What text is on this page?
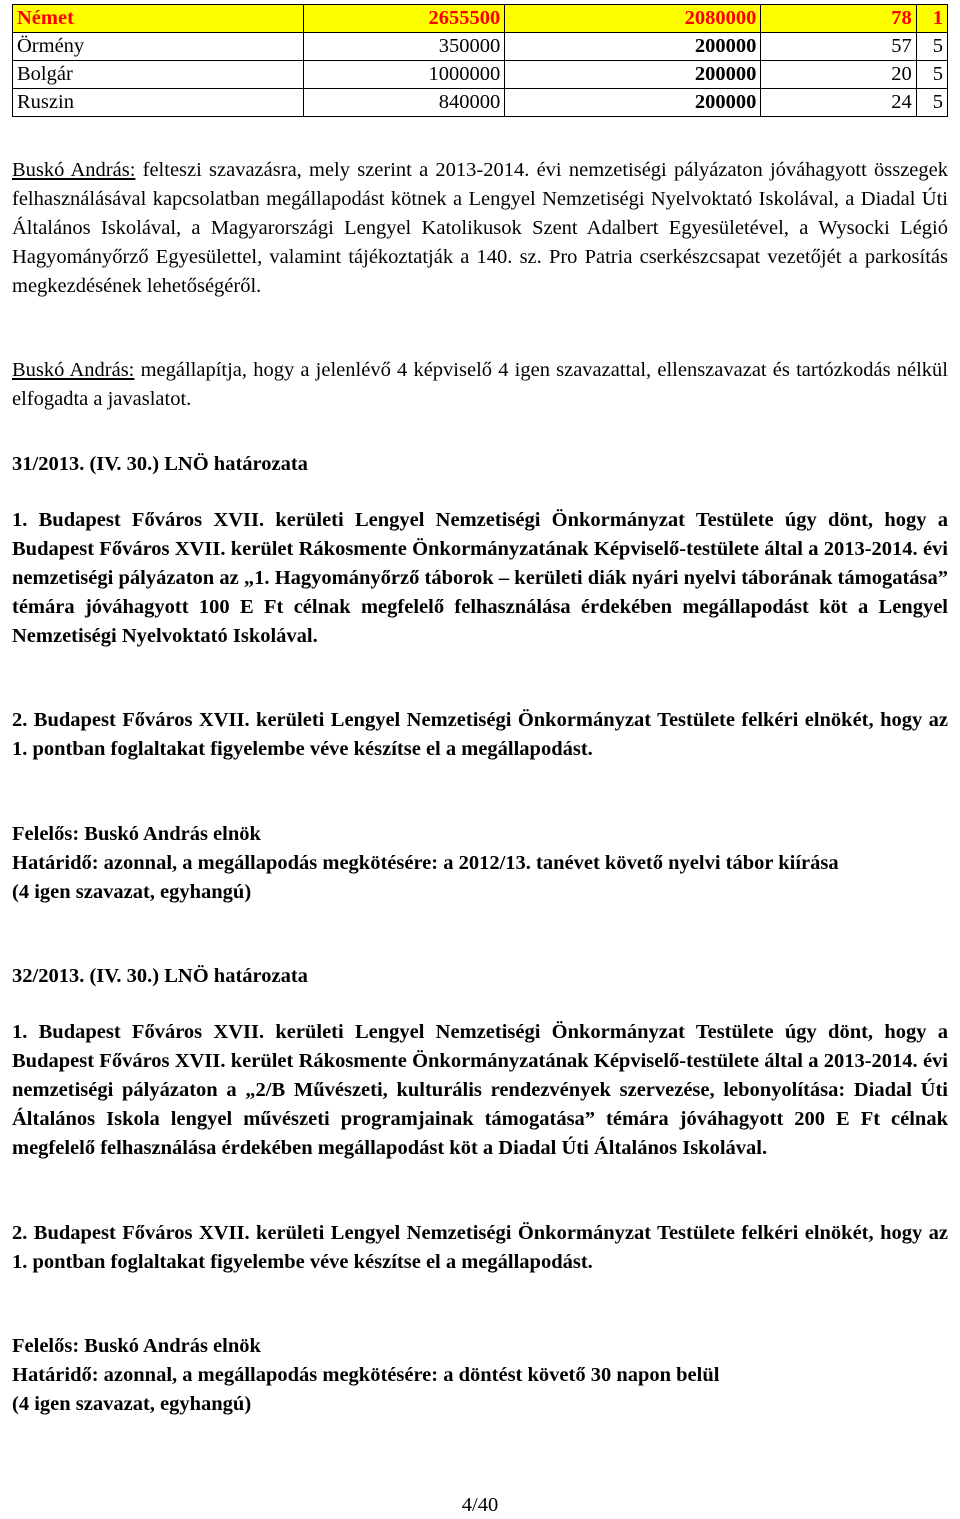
Német	2655500	2080000	78	1
Örmény	350000	200000	57	5
Bolgár	1000000	200000	20	5
Ruszin	840000	200000	24	5
Buskó András: felteszi szavazásra, mely szerint a 2013-2014. évi nemzetiségi pályázaton jóváhagyott összegek felhasználásával kapcsolatban megállapodást kötnek a Lengyel Nemzetiségi Nyelvoktató Iskolával, a Diadal Úti Általános Iskolával, a Magyarországi Lengyel Katolikusok Szent Adalbert Egyesületével, a Wysocki Légió Hagyományőrző Egyesülettel, valamint tájékoztatják a 140. sz. Pro Patria cserkészcsapat vezetőjét a parkosítás megkezdésének lehetőségéről.
Buskó András: megállapítja, hogy a jelenlévő 4 képviselő 4 igen szavazattal, ellenszavazat és tartózkodás nélkül elfogadta a javaslatot.
31/2013. (IV. 30.) LNÖ határozata
1. Budapest Főváros XVII. kerületi Lengyel Nemzetiségi Önkormányzat Testülete úgy dönt, hogy a Budapest Főváros XVII. kerület Rákosmente Önkormányzatának Képviselő-testülete által a 2013-2014. évi nemzetiségi pályázaton az „1. Hagyományőrző táborok – kerületi diák nyári nyelvi táborának támogatása” témára jóváhagyott 100 E Ft célnak megfelelő felhasználása érdekében megállapodást köt a Lengyel Nemzetiségi Nyelvoktató Iskolával.
2. Budapest Főváros XVII. kerületi Lengyel Nemzetiségi Önkormányzat Testülete felkéri elnökét, hogy az 1. pontban foglaltakat figyelembe véve készítse el a megállapodást.
Felelős: Buskó András elnök
Határidő: azonnal, a megállapodás megkötésére: a 2012/13. tanévet követő nyelvi tábor kiírása
(4 igen szavazat, egyhangú)
32/2013. (IV. 30.) LNÖ határozata
1. Budapest Főváros XVII. kerületi Lengyel Nemzetiségi Önkormányzat Testülete úgy dönt, hogy a Budapest Főváros XVII. kerület Rákosmente Önkormányzatának Képviselő-testülete által a 2013-2014. évi nemzetiségi pályázaton a „2/B Művészeti, kulturális rendezvények szervezése, lebonyolítása: Diadal Úti Általános Iskola lengyel művészeti programjainak támogatása” témára jóváhagyott 200 E Ft célnak megfelelő felhasználása érdekében megállapodást köt a Diadal Úti Általános Iskolával.
2. Budapest Főváros XVII. kerületi Lengyel Nemzetiségi Önkormányzat Testülete felkéri elnökét, hogy az 1. pontban foglaltakat figyelembe véve készítse el a megállapodást.
Felelős: Buskó András elnök
Határidő: azonnal, a megállapodás megkötésére: a döntést követő 30 napon belül
(4 igen szavazat, egyhangú)
4/40
